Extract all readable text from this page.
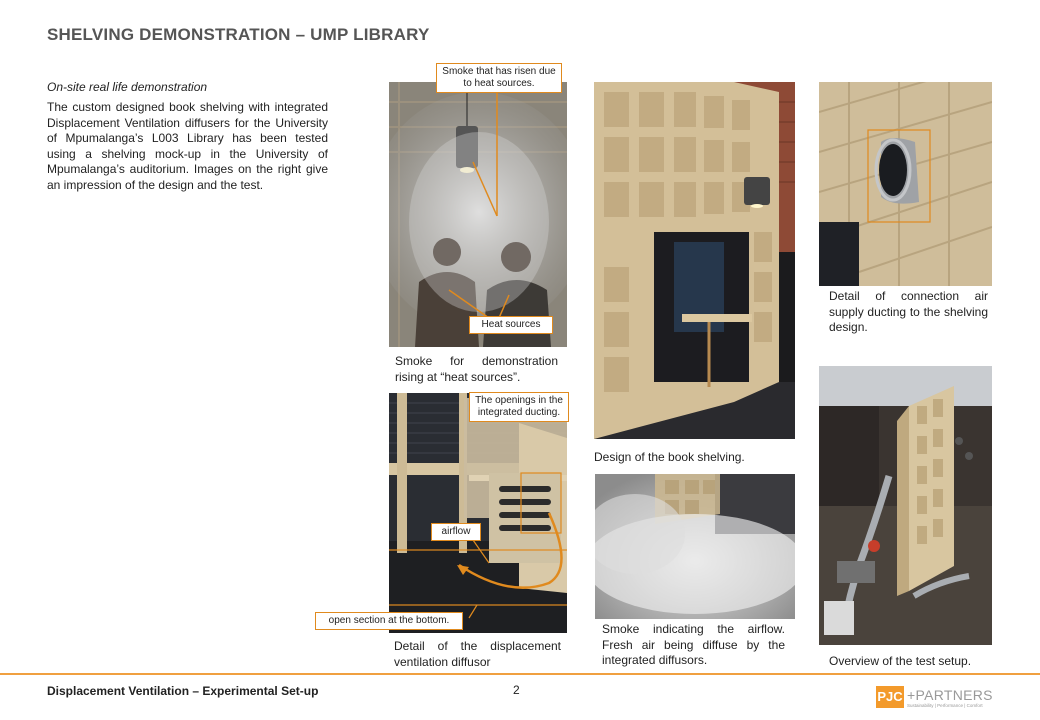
SHELVING DEMONSTRATION – UMP LIBRARY
On-site real life demonstration
The custom designed book shelving with integrated Displacement Ventilation diffusers for the University of Mpumalanga’s L003 Library has been tested using a shelving mock-up in the University of Mpumalanga’s auditorium. Images on the right give an impression of the design and the test.
Smoke that has risen due to heat sources.
Heat sources
Smoke for demonstration rising at “heat sources”.
The openings in the integrated ducting.
airflow
open section at the bottom.
Detail of the displacement ventilation diffusor
Design of the book shelving.
Smoke indicating the airflow. Fresh air being diffuse by the integrated diffusors.
Detail of connection air supply ducting to the shelving design.
Overview of the test setup.
Displacement Ventilation – Experimental Set-up	2	PJC +PARTNERS
Sustainability | Performance | Comfort
